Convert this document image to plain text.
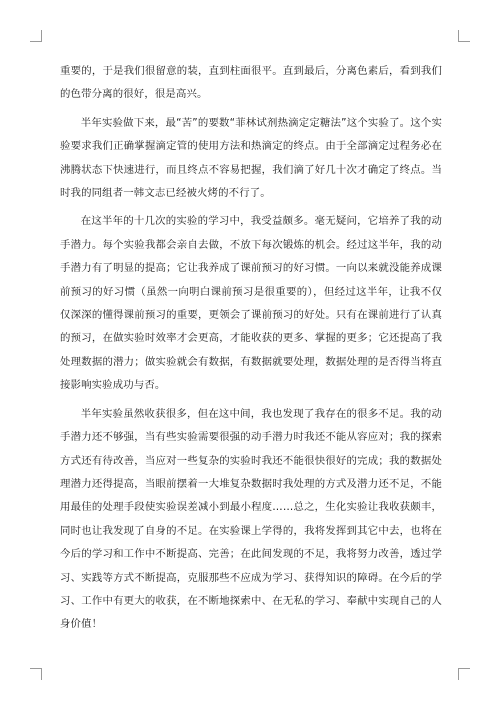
重要的，于是我们很留意的装，直到柱面很平。直到最后，分离色素后，看到我们的色带分离的很好，很是高兴。

半年实验做下来，最“苦”的要数“菲林试剂热滴定定糖法”这个实验了。这个实验要求我们正确掌握滴定管的使用方法和热滴定的终点。由于全部滴定过程务必在沸腾状态下快速进行，而且终点不容易把握，我们滴了好几十次才确定了终点。当时我的同组者一韩文志已经被火烤的不行了。

在这半年的十几次的实验的学习中，我受益颇多。毫无疑问，它培养了我的动手潜力。每个实验我都会亲自去做，不放下每次锻炼的机会。经过这半年，我的动手潜力有了明显的提高；它让我养成了课前预习的好习惯。一向以来就没能养成课前预习的好习惯（虽然一向明白课前预习是很重要的），但经过这半年，让我不仅仅深深的懂得课前预习的重要，更领会了课前预习的好处。只有在课前进行了认真的预习，在做实验时效率才会更高，才能收获的更多、掌握的更多；它还提高了我处理数据的潜力；做实验就会有数据，有数据就要处理，数据处理的是否得当将直接影响实验成功与否。

半年实验虽然收获很多，但在这中间，我也发现了我存在的很多不足。我的动手潜力还不够强，当有些实验需要很强的动手潜力时我还不能从容应对；我的探索方式还有待改善，当应对一些复杂的实验时我还不能很快很好的完成；我的数据处理潜力还得提高，当眼前摆着一大堆复杂数据时我处理的方式及潜力还不足，不能用最佳的处理手段使实验误差减小到最小程度……总之，生化实验让我收获颇丰，同时也让我发现了自身的不足。在实验课上学得的，我将发挥到其它中去，也将在今后的学习和工作中不断提高、完善；在此间发现的不足，我将努力改善，透过学习、实践等方式不断提高，克服那些不应成为学习、获得知识的障碍。在今后的学习、工作中有更大的收获，在不断地探索中、在无私的学习、奉献中实现自己的人身价值！
